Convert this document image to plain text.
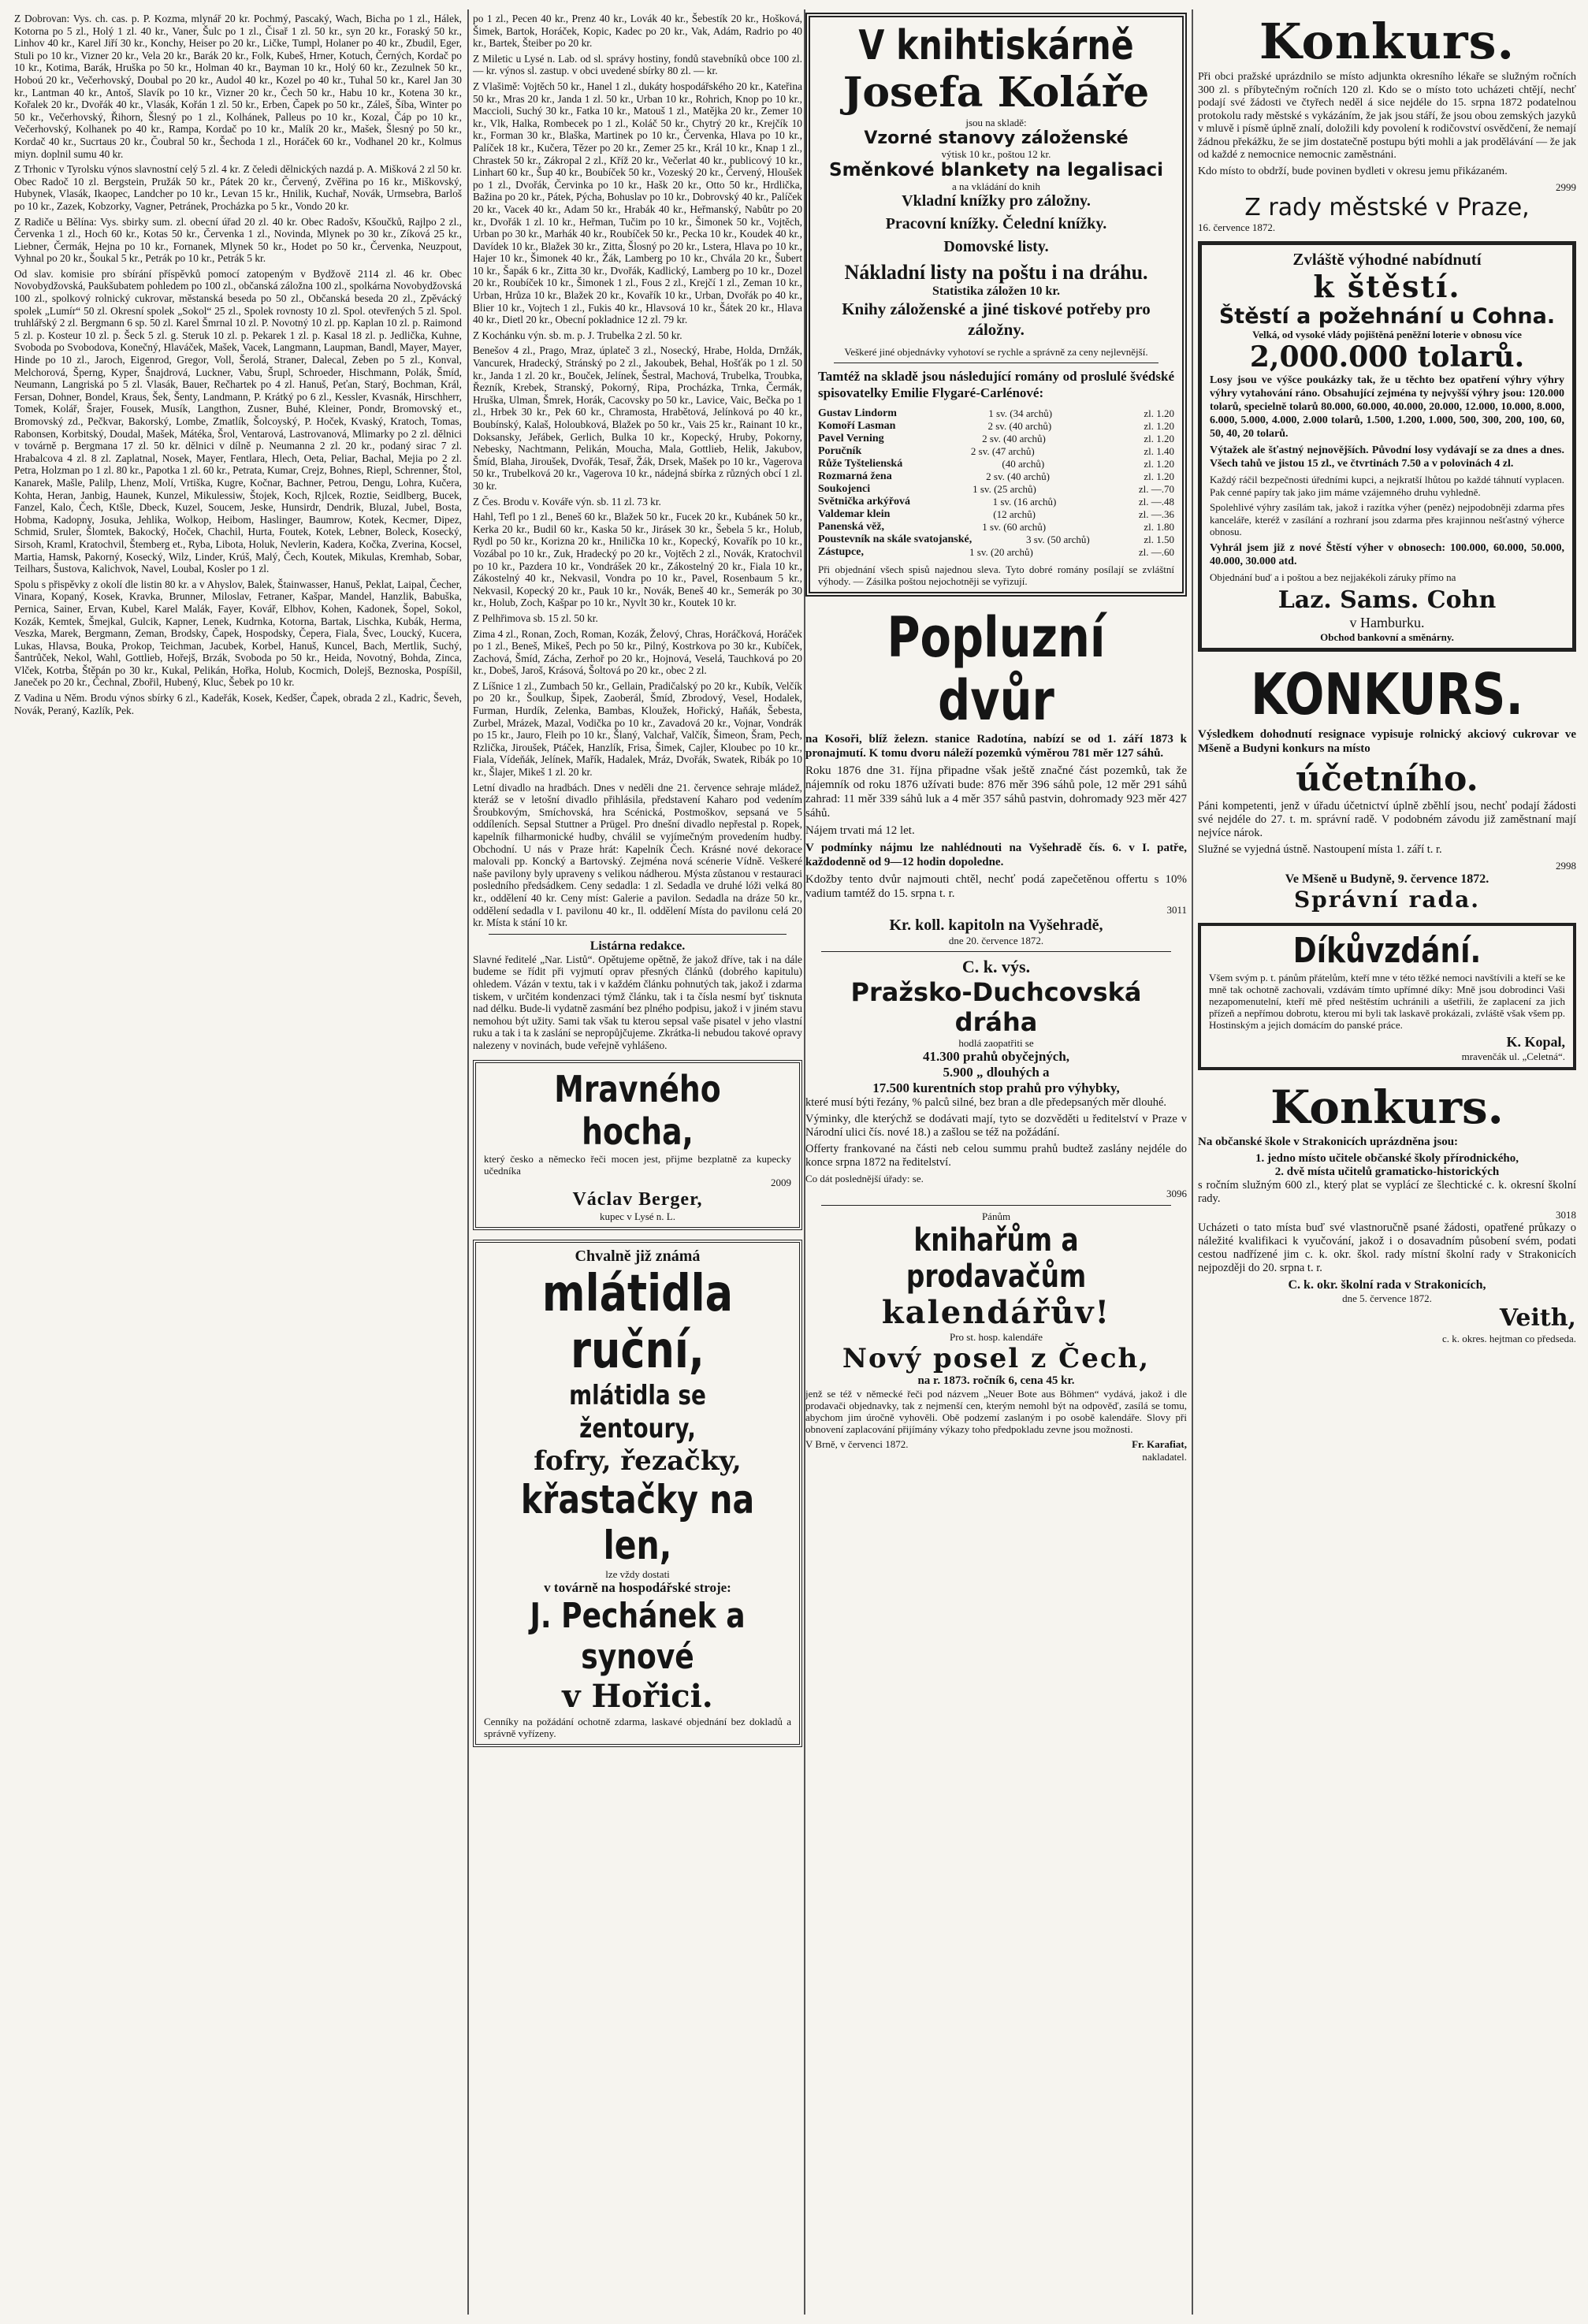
Z Dobrovan: Vys. ch. cas. p. P. Kozma, mlynář 20 kr. Pochmý, Pascaký, Wach, Bicha po 1 zl., Hálek, Kotorna po 5 zl., Holý 1 zl. 40 kr., Vaner, Šulc po 1 zl., Čisař 1 zl. 50 kr., syn 20 kr., Foraský 50 kr., Linhov 40 kr., Karel Jiří 30 kr., Konchy, Heiser po 20 kr., Ličke, Tumpl, Holaner po 40 kr., Zbudil, Eger, Stuli po 10 kr., Vizner 20 kr., Vela 20 kr., Barák 20 kr., Folk, Kubeš, Hrner, Kotuch, Černých, Kordač po 10 kr., Kotima, Barák, Hruška po 50 kr., Holman 40 kr., Bayman 10 kr., Holý 60 kr., Zezulnek 50 kr., Hoboú 20 kr., Večerhovský, Doubal po 20 kr., Audol 40 kr., Kozel po 40 kr., Tuhal 50 kr., Karel Jan 30 kr., Lantman 40 kr., Antoš, Slavík po 10 kr., Vizner 20 kr., Čech 50 kr., Habu 10 kr., Kotena 30 kr., Kořalek 20 kr., Dvořák 40 kr., Vlasák, Kořán 1 zl. 50 kr., Erben, Čapek po 50 kr., Záleš, Šíba, Winter po 50 kr., Večerhovský, Řihorn, Šlesný po 1 zl., Kolhánek, Palleus po 10 kr., Kozal, Čáp po 10 kr., Večerhovský, Kolhanek po 40 kr., Rampa, Kordač po 10 kr., Malík 20 kr., Mašek, Šlesný po 50 kr., Kordač 40 kr., Sucrtaus 20 kr., Čoubral 50 kr., Šechoda 1 zl., Horáček 60 kr., Vodhanel 20 kr., Kolmus miyn. doplnil sumu 40 kr.

Z Trhonic v Tyrolsku výnos slavnostní celý 5 zl. 4 kr. Z čeledi dělnických nazdá p. A. Mišková 2 zl 50 kr. Obec Radoč 10 zl. Bergstein, Pružák 50 kr., Pátek 20 kr., Červený, Zvěřina po 16 kr., Miškovský, Hubynek, Vlasák, Ikaopec, Landcher po 10 kr., Levan 15 kr., Hnilik, Kuchař, Novák, Urmsebra, Barloš po 10 kr., Zazek, Kobzorky, Vagner, Petránek, Procházka po 5 kr., Vondo 20 kr.

Z Radiče u Bělína: Vys. sbirky sum. zl. obecní úřad 20 zl. 40 kr. Obec Radošv, Kšoučků, Rajlpo 2 zl., Červenka 1 zl., Hoch 60 kr., Kotas 50 kr., Červenka 1 zl., Novinda, Mlynek po 30 kr., Zíková 25 kr., Liebner, Čermák, Hejna po 10 kr., Fornanek, Mlynek 50 kr., Hodet po 50 kr., Červenka, Neuzpout, Vyhnal po 20 kr., Šoukal 5 kr., Petrák po 10 kr., Petrák 5 kr.

Od slav. komisie pro sbírání příspěvků pomocí zatopeným v Bydžově 2114 zl. 46 kr. Obec Novobydžovská, Paukšubatem pohledem po 100 zl., občanská záložna 100 zl., spolkárna Novobydžovská 100 zl., spolkový rolnický cukrovar, městanská beseda po 50 zl., Občanská beseda 20 zl., Zpěvácký spolek „Lumír“ 50 zl. Okresní spolek „Sokol“ 25 zl., Spolek rovnosty 10 zl. Spol. otevřených 5 zl. Spol. truhlářský 2 zl. Bergmann 6 sp. 50 zl. Karel Šmrnal 10 zl. P. Novotný 10 zl. pp. Kaplan 10 zl. p. Raimond 5 zl. p. Kosteur 10 zl. p. Šeck 5 zl. g. Steruk 10 zl. p. Pekarek 1 zl. p. Kasal 18 zl. p. Jedlička, Kuhne, Svoboda po Svobodova, Konečný, Hlaváček, Mašek, Vacek, Langmann, Laupman, Bandl, Mayer, Mayer, Hinde po 10 zl., Jaroch, Eigenrod, Gregor, Voll, Šerolá, Straner, Dalecal, Zeben po 5 zl., Konval, Melchorová, Šperng, Kyper, Šnajdrová, Luckner, Vabu, Šrupl, Schroeder, Hischmann, Polák, Šmíd, Neumann, Langriská po 5 zl. Vlasák, Bauer, Rečhartek po 4 zl. Hanuš, Peťan, Starý, Bochman, Král, Fersan, Dohner, Bondel, Kraus, Šek, Šenty, Landmann, P. Krátký po 6 zl., Kessler, Kvasnák, Hirschherr, Tomek, Kolář, Šrajer, Fousek, Musík, Langthon, Zusner, Buhé, Kleiner, Pondr, Bromovský et., Bromovský zd., Pečkvar, Bakorský, Lombe, Zmatlík, Šolcoyský, P. Hoček, Kvaský, Kratoch, Tomas, Rabonsen, Korbitský, Doudal, Mašek, Mátéka, Šrol, Ventarová, Lastrovanová, Mlimarky po 2 zl. dělnici v továrně p. Bergmana 17 zl. 50 kr. dělnici v dílně p. Neumanna 2 zl. 20 kr., podaný sirac 7 zl. Hrabalcova 4 zl. 8 zl. Zaplatnal, Nosek, Mayer, Fentlara, Hlech, Oeta, Peliar, Bachal, Mejia po 2 zl. Petra, Holzman po 1 zl. 80 kr., Papotka 1 zl. 60 kr., Petrata, Kumar, Crejz, Bohnes, Riepl, Schrenner, Štol, Kanarek, Mašle, Palilp, Lhenz, Molí, Vrtiška, Kugre, Kočnar, Bachner, Petrou, Dengu, Lohra, Kučera, Kohta, Heran, Janbig, Haunek, Kunzel, Mikulessiw, Štojek, Koch, Rjlcek, Roztie, Seidlberg, Bucek, Fanzel, Kalo, Čech, Ktšle, Dbeck, Kuzel, Soucem, Jeske, Hunsirdr, Dendrik, Bluzal, Jubel, Bosta, Hobma, Kadopny, Josuka, Jehlika, Wolkop, Heibom, Haslinger, Baumrow, Kotek, Kecmer, Dipez, Schmid, Sruler, Šlomtek, Bakocký, Hoček, Chachil, Hurta, Foutek, Kotek, Lebner, Boleck, Kosecký, Sirsoh, Kraml, Kratochvil, Štemberg et., Ryba, Libota, Holuk, Nevlerin, Kadera, Kočka, Zverina, Kocsel, Martia, Hamsk, Pakorný, Kosecký, Wilz, Linder, Krúš, Malý, Čech, Koutek, Mikulas, Kremhab, Sobar, Teilhars, Šustova, Kalichvok, Navel, Loubal, Kosler po 1 zl.

Spolu s přispěvky z okolí dle listin 80 kr. a v Ahyslov, Balek, Štainwasser, Hanuš, Peklat, Laipal, Čecher, Vinara, Kopaný, Kosek, Kravka, Brunner, Miloslav, Fetraner, Kašpar, Mandel, Hanzlik, Babuška, Pernica, Sainer, Ervan, Kubel, Karel Malák, Fayer, Kovář, Elbhov, Kohen, Kadonek, Šopel, Sokol, Kozák, Kemtek, Šmejkal, Gulcik, Kapner, Lenek, Kudrnka, Kotorna, Bartak, Lischka, Kubák, Herma, Veszka, Marek, Bergmann, Zeman, Brodsky, Čapek, Hospodsky, Čepera, Fiala, Švec, Loucký, Kucera, Lukas, Hlavsa, Bouka, Prokop, Teichman, Jacubek, Korbel, Hanuš, Kuncel, Bach, Mertlik, Suchý, Šantrůček, Nekol, Wahl, Gottlieb, Hořejš, Brzák, Svoboda po 50 kr., Heida, Novotný, Bohda, Zinca, Vlček, Kotrba, Štěpán po 30 kr., Kukal, Pelikán, Hořka, Holub, Kocmich, Dolejš, Beznoska, Pospíšil, Janeček po 20 kr., Čechnal, Zbořil, Hubený, Kluc, Šebek po 10 kr.

Z Vadina u Něm. Brodu výnos sbírky 6 zl., Kadeřák, Kosek, Kedšer, Čapek, obrada 2 zl., Kadric, Ševeh, Novák, Peraný, Kazlík, Pek.

po 1 zl., Pecen 40 kr., Prenz 40 kr., Lovák 40 kr., Šebestík 20 kr., Hošková, Šimek, Bartok, Horáček, Kopic, Kadec po 20 kr., Vak, Adám, Radrio po 40 kr., Bartek, Šteiber po 20 kr.

Z Miletic u Lysé n. Lab. od sl. správy hostiny, fondů stavebníků obce 100 zl. — kr. výnos sl. zastup. v obci uvedené sbírky 80 zl. — kr.

Z Vlašimě: Vojtěch 50 kr., Hanel 1 zl., dukáty hospodářského 20 kr., Kateřina 50 kr., Mras 20 kr., Janda 1 zl. 50 kr., Urban 10 kr., Rohrich, Knop po 10 kr., Maccioli, Suchý 30 kr., Fatka 10 kr., Matouš 1 zl., Matějka 20 kr., Zemer 10 kr., Vlk, Halka, Rombecek po 1 zl., Koláč 50 kr., Chytrý 20 kr., Krejčík 10 kr., Forman 30 kr., Blaška, Martinek po 10 kr., Červenka, Hlava po 10 kr., Palíček 18 kr., Kučera, Tězer po 20 kr., Zemer 25 kr., Král 10 kr., Knap 1 zl., Chrastek 50 kr., Zákropal 2 zl., Kříž 20 kr., Večerlat 40 kr., publicový 10 kr., Linhart 60 kr., Šup 40 kr., Boubíček 50 kr., Vozeský 20 kr., Červený, Hloušek po 1 zl., Dvořák, Červinka po 10 kr., Hašk 20 kr., Otto 50 kr., Hrdlička, Bažina po 20 kr., Pátek, Pýcha, Bohuslav po 10 kr., Dobrovský 40 kr., Palíček 20 kr., Vacek 40 kr., Adam 50 kr., Hrabák 40 kr., Heřmanský, Nabůtr po 20 kr., Dvořák 1 zl. 10 kr., Heřman, Tučim po 10 kr., Šimonek 50 kr., Vojtěch, Urban po 30 kr., Marhák 40 kr., Roubíček 50 kr., Pecka 10 kr., Koudek 40 kr., Davídek 10 kr., Blažek 30 kr., Zitta, Šlosný po 20 kr., Lstera, Hlava po 10 kr., Hajer 10 kr., Šimonek 40 kr., Žák, Lamberg po 10 kr., Chvála 20 kr., Šubert 10 kr., Šapák 6 kr., Zitta 30 kr., Dvořák, Kadlický, Lamberg po 10 kr., Dozel 20 kr., Roubíček 10 kr., Šimonek 1 zl., Fous 2 zl., Krejčí 1 zl., Zeman 10 kr., Urban, Hrůza 10 kr., Blažek 20 kr., Kovařík 10 kr., Urban, Dvořák po 40 kr., Blier 10 kr., Vojtech 1 zl., Fukis 40 kr., Hlavsová 10 kr., Šátek 20 kr., Hlava 40 kr., Dietl 20 kr., Obecní pokladnice 12 zl. 79 kr.

Z Kochánku výn. sb. m. p. J. Trubelka 2 zl. 50 kr.

Benešov 4 zl., Prago, Mraz, úplateč 3 zl., Nosecký, Hrabe, Holda, Drnžák, Vancurek, Hradecký, Stránský po 2 zl., Jakoubek, Behal, Hošťák po 1 zl. 50 kr., Janda 1 zl. 20 kr., Bouček, Jelínek, Šestral, Machová, Trubelka, Troubka, Řezník, Krebek, Stranský, Pokorný, Ripa, Procházka, Trnka, Čermák, Hruška, Ulman, Šmrek, Horák, Cacovsky po 50 kr., Lavice, Vaic, Bečka po 1 zl., Hrbek 30 kr., Pek 60 kr., Chramosta, Hrabětová, Jelínková po 40 kr., Boubínský, Kalaš, Holoubková, Blažek po 50 kr., Vais 25 kr., Rainant 10 kr., Doksansky, Jeřábek, Gerlich, Bulka 10 kr., Kopecký, Hruby, Pokorny, Nebesky, Nachtmann, Pelikán, Moucha, Mala, Gottlieb, Helik, Jakubov, Šmíd, Blaha, Jiroušek, Dvořák, Tesař, Žák, Drsek, Mašek po 10 kr., Vagerova 50 kr., Trubelková 20 kr., Vagerova 10 kr., nádejná sbírka z různých obcí 1 zl. 30 kr.

Z Čes. Brodu v. Kováře výn. sb. 11 zl. 73 kr.

Hahl, Tefl po 1 zl., Beneš 60 kr., Blažek 50 kr., Fucek 20 kr., Kubánek 50 kr., Kerka 20 kr., Budil 60 kr., Kaska 50 kr., Jirásek 30 kr., Šebela 5 kr., Holub, Rydl po 50 kr., Korizna 20 kr., Hnilička 10 kr., Kopecký, Kovařík po 10 kr., Vozábal po 10 kr., Zuk, Hradecký po 20 kr., Vojtěch 2 zl., Novák, Kratochvil po 10 kr., Pazdera 10 kr., Vondrášek 20 kr., Zákostelný 20 kr., Fiala 10 kr., Zákostelný 40 kr., Nekvasil, Vondra po 10 kr., Pavel, Rosenbaum 5 kr., Nekvasil, Kopecký 20 kr., Pauk 10 kr., Novák, Beneš 40 kr., Semerák po 30 kr., Holub, Zoch, Kašpar po 10 kr., Nyvlt 30 kr., Koutek 10 kr.

Z Pelhřimova sb. 15 zl. 50 kr.

Zima 4 zl., Ronan, Zoch, Roman, Kozák, Želový, Chras, Horáčková, Horáček po 1 zl., Beneš, Mikeš, Pech po 50 kr., Pilný, Kostrkova po 30 kr., Kubíček, Zachová, Šmíd, Zácha, Zerhoř po 20 kr., Hojnová, Veselá, Tauchková po 20 kr., Dobeš, Jaroš, Krásová, Šoltová po 20 kr., obec 2 zl.

Z Líšnice 1 zl., Zumbach 50 kr., Gellain, Pradičalský po 20 kr., Kubík, Velčík po 20 kr., Šoulkup, Šipek, Zaoberál, Šmíd, Zbrodový, Vesel, Hodalek, Furman, Hurdík, Zelenka, Bambas, Kloužek, Hořický, Haňák, Šebesta, Zurbel, Mrázek, Mazal, Vodička po 10 kr., Zavadová 20 kr., Vojnar, Vondrák po 15 kr., Jauro, Fleih po 10 kr., Šlaný, Valchař, Valčík, Šimeon, Šram, Pech, Rzlička, Jiroušek, Ptáček, Hanzlík, Frisa, Šimek, Cajler, Kloubec po 10 kr., Fiala, Vídeňák, Jelínek, Mařík, Hadalek, Mráz, Dvořák, Swatek, Ribák po 10 kr., Šlajer, Mikeš 1 zl. 20 kr.

Letní divadlo na hradbách. Dnes v neděli dne 21. července sehraje mládež, kteráž se v letošní divadlo přihlásila, představení Kaharo pod vedením Šroubkovým, Smíchovská, hra Scénická, Postmoškov, sepsaná ve 5 oddíleních. Sepsal Stuttner a Prügel. Pro dnešní divadlo nepřestal p. Ropek, kapelník filharmonické hudby, chválil se vyjímečným provedením hudby. Obchodní. U nás v Praze hrát: Kapelník Čech. Krásné nové dekorace malovali pp. Koncký a Bartovský. Zejména nová scénerie Vídně. Veškeré naše pavilony byly upraveny s velikou nádherou. Mýsta zůstanou v restauraci posledního předsádkem. Ceny sedadla: 1 zl. Sedadla ve druhé lóži velká 80 kr., oddělení 40 kr. Ceny míst: Galerie a pavilon. Sedadla na dráze 50 kr., oddělení sedadla v I. pavilonu 40 kr., Il. oddělení Místa do pavilonu celá 20 kr. Místa k stání 10 kr.

Listárna redakce.

Slavné ředitelé „Nar. Listů“. Opětujeme opětně, že jakož dříve, tak i na dále budeme se řídit při vyjmutí oprav přesných článků (dobrého kapitulu) ohledem. Vázán v textu, tak i v každém článku pohnutých tak, jakož i zdarma tiskem, v určitém kondenzaci týmž článku, tak i ta čísla nesmí byť tisknuta nad délku. Bude-li vydatně zasmání bez plného podpisu, jakož i v jiném stavu nemohou být užity. Sami tak však tu kterou sepsal vaše pisatel v jeho vlastní ruku a tak i ta k zaslání se nepropůjčujeme. Zkrátka-li nebudou takové opravy nalezeny v novinách, bude veřejně vyhlášeno.

Mravného hocha,
který česko a německo řeči mocen jest, přijme bezplatně za kupecky učedníka
2009
Václav Berger,
kupec v Lysé n. L.
Chvalně již známá
mlátidla ruční,
mlátidla se žentoury,
fofry, řezačky,
křastačky na len,
lze vždy dostati
v továrně na hospodářské stroje:
J. Pechánek a synové
v Hořici.
Cenníky na požádání ochotně zdarma, laskavé objednání bez dokladů a správně vyřízeny.
V knihtiskárně
Josefa Koláře
jsou na skladě:
Vzorné stanovy záloženské
výtisk 10 kr., poštou 12 kr.
Směnkové blankety na legalisaci
a na vkládání do knih
Vkladní knížky pro záložny.
Pracovní knížky. Čelední knížky.
Domovské listy.
Nákladní listy na poštu i na dráhu.
Statistika záložen 10 kr.
Knihy záloženské a jiné tiskové potřeby pro záložny.
Veškeré jiné objednávky vyhotoví se rychle a správně za ceny nejlevnější.
Tamtéž na skladě jsou následující romány od proslulé švédské spisovatelky Emilie Flygaré-Carlénové:
Gustav Lindorm	1 sv. (34 archů)	zl. 1.20
Komoří Lasman	2 sv. (40 archů)	zl. 1.20
Pavel Verning	2 sv. (40 archů)	zl. 1.20
Poručník	2 sv. (47 archů)	zl. 1.40
Růže Tyštelienská	(40 archů)	zl. 1.20
Rozmarná žena	2 sv. (40 archů)	zl. 1.20
Soukojenci	1 sv. (25 archů)	zl. —.70
Světnička arkýřová	1 sv. (16 archů)	zl. —.48
Valdemar klein	(12 archů)	zl. —.36
Panenská věž,	1 sv. (60 archů)	zl. 1.80
Poustevník na skále svatojanské,	3 sv. (50 archů)	zl. 1.50
Zástupce,	1 sv. (20 archů)	zl. —.60
Při objednání všech spisů najednou sleva. Tyto dobré romány posílají se zvláštní výhody. — Zásilka poštou nejochotněji se vyřizují.
Popluzní dvůr

na Kosoři, blíž železn. stanice Radotína, nabízí se od 1. září 1873 k pronajmutí. K tomu dvoru náleží pozemků výměrou 781 měr 127 sáhů.

Roku 1876 dne 31. října připadne však ještě značné část pozemků, tak že nájemník od roku 1876 užívati bude: 876 měr 396 sáhů pole, 12 měr 291 sáhů zahrad: 11 měr 339 sáhů luk a 4 měr 357 sáhů pastvin, dohromady 923 měr 427 sáhů.

Nájem trvati má 12 let.

V podmínky nájmu lze nahlédnouti na Vyšehradě čís. 6. v I. patře, každodenně od 9—12 hodin dopoledne.

Kdožby tento dvůr najmouti chtěl, nechť podá zapečetěnou offertu s 10% vadium tamtéž do 15. srpna t. r.

3011
Kr. koll. kapitoln na Vyšehradě,
dne 20. července 1872.
C. k. výs.
Pražsko-Duchcovská dráha
hodlá zaopatřiti se
41.300 prahů obyčejných,
5.900 „ dlouhých a
17.500 kurentních stop prahů pro výhybky,

které musí býti řezány, % palců silné, bez bran a dle předepsaných měr dlouhé.

Výminky, dle kterýchž se dodávati mají, tyto se dozvěděti u ředitelství v Praze v Národní ulici čís. nové 18.) a zašlou se též na požádání.

Offerty frankované na části neb celou summu prahů budtež zaslány nejdéle do konce srpna 1872 na ředitelství.

Co dát poslednější úřady: se.

3096
Pánům
knihařům a prodavačům
kalendářův!
Pro st. hosp. kalendáře
Nový posel z Čech,
na r. 1873. ročník 6, cena 45 kr.

jenž se též v německé řeči pod názvem „Neuer Bote aus Böhmen“ vydává, jakož i dle prodavači objednavky, tak z nejmenší cen, kterým nemohl být na odpověď, zasílá se tomu, abychom jim úročně vyhověli. Obě podzemí zaslaným i po osobě kalendáře. Slovy při obnovení zaplacování přijímány výkazy toho předpokladu zevne jsou možnosti.

V Brně, v červenci 1872.	Fr. Karafiat,
nakladatel.
Konkurs.

Při obci pražské uprázdnilo se místo adjunkta okresního lékaře se služným ročních 300 zl. s příbytečným ročních 120 zl. Kdo se o místo toto ucházeti chtějí, nechť podají své žádosti ve čtyřech neděl á sice nejdéle do 15. srpna 1872 podatelnou protokolu rady městské s vykázáním, že jak jsou stáří, že jsou obou zemských jazyků v mluvě i písmě úplně znalí, doložili kdy povolení k rodičovství osvědčení, že nemají žádnou překážku, že se jim dostatečně postupu býti mohli a jak prodělávání — že jak od každé z nemocnice nemocnic zaměstnáni.

Kdo místo to obdrží, bude povinen bydleti v okresu jemu přikázaném.

2999
Z rady městské v Praze,
16. července 1872.
Zvláště výhodné nabídnutí
k štěstí.
Štěstí a požehnání u Cohna.
Velká, od vysoké vlády pojištěná peněžní loterie v obnosu více
2,000.000 tolarů.

Losy jsou ve výšce poukázky tak, že u těchto bez opatření výhry výhry výhry vytahování ráno. Obsahující zejména ty nejvyšší výhry jsou: 120.000 tolarů, specielně tolarů 80.000, 60.000, 40.000, 20.000, 12.000, 10.000, 8.000, 6.000, 5.000, 4.000, 2.000 tolarů, 1.500, 1.200, 1.000, 500, 300, 200, 100, 60, 50, 40, 20 tolarů.

Výtažek ale šťastný nejnovějších. Původní losy vydávají se za dnes a dnes. Všech tahů ve jistou 15 zl., ve čtvrtinách 7.50 a v polovinách 4 zl.

Každý ráčil bezpečnosti úředními kupci, a nejkratší lhůtou po každé táhnutí vyplacen. Pak cenné papíry tak jako jim máme vzájemného druhu vyhledně.

Spolehlivé výhry zasílám tak, jakož i razítka výher (peněz) nejpodobněji zdarma přes kanceláře, kteréž v zasílání a rozhraní jsou zdarma přes krajinnou nešťastný výherce obnosu.

Vyhrál jsem již z nové Štěstí výher v obnosech: 100.000, 60.000, 50.000, 40.000, 30.000 atd.

Objednání buď a i poštou a bez nejjakékoli záruky přímo na

Laz. Sams. Cohn
v Hamburku.
Obchod bankovní a směnárny.
KONKURS.

Výsledkem dohodnutí resignace vypisuje rolnický akciový cukrovar ve Mšeně a Budyni konkurs na místo

účetního.

Páni kompetenti, jenž v úřadu účetnictví úplně zběhlí jsou, nechť podají žádosti své nejdéle do 27. t. m. správní radě. V podobném závodu již zaměstnaní mají nejvíce nárok.

Služné se vyjedná ústně. Nastoupení místa 1. září t. r.

2998
Ve Mšeně u Budyně, 9. července 1872.
Správní rada.
Díkůvzdání.

Všem svým p. t. pánům přátelům, kteří mne v této těžké nemoci navštívili a kteří se ke mně tak ochotně zachovali, vzdávám tímto upřímné díky: Mně jsou dobrodinci Vaši nezapomenutelní, kteří mě před neštěstím uchránili a ušetřili, že zaplacení za jich přízeň a nepřímou dobrotu, kterou mi byli tak laskavě prokázali, zvláště však všem pp. Hostinským a jejich domácím do panské práce.

K. Kopal,
mravenčák ul. „Celetná“.
Konkurs.

Na občanské škole v Strakonicích uprázdněna jsou:

1. jedno místo učitele občanské školy přírodnického,
2. dvě místa učitelů gramaticko-historických

s ročním služným 600 zl., který plat se vyplácí ze šlechtické c. k. okresní školní rady.

3018

Ucházeti o tato místa buď své vlastnoručně psané žádosti, opatřené průkazy o náležité kvalifikaci k vyučování, jakož i o dosavadním působení svém, podati cestou nadřízené jim c. k. okr. škol. rady místní školní rady v Strakonicích nejpozději do 20. srpna t. r.

C. k. okr. školní rada v Strakonicích,
dne 5. července 1872.
Veith,
c. k. okres. hejtman co předseda.
